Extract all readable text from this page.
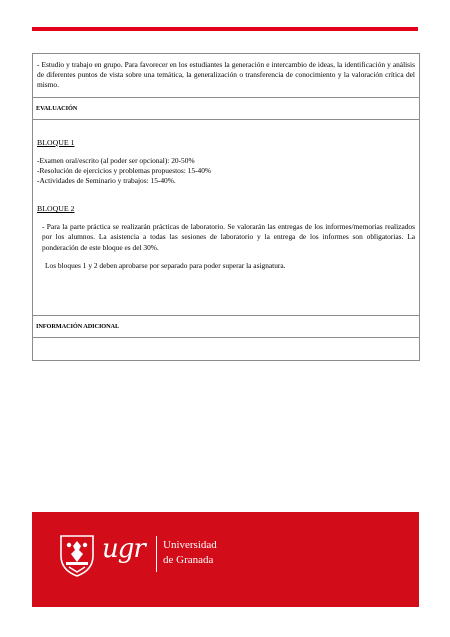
- Estudio y trabajo en grupo. Para favorecer en los estudiantes la generación e intercambio de ideas, la identificación y análisis de diferentes puntos de vista sobre una temática, la generalización o transferencia de conocimiento y la valoración crítica del mismo.

EVALUACIÓN

BLOQUE 1

-Examen oral/escrito (al poder ser opcional): 20-50%

-Resolución de ejercicios y problemas propuestos: 15-40%

-Actividades de Seminario y trabajos: 15-40%.

BLOQUE 2

- Para la parte práctica se realizarán prácticas de laboratorio. Se valorarán las entregas de los informes/memorias realizados por los alumnos. La asistencia a todas las sesiones de laboratorio y la entrega de los informes son obligatorias. La ponderación de este bloque es del 30%.

Los bloques 1 y 2 deben aprobarse por separado para poder superar la asignatura.

INFORMACIÓN ADICIONAL
ugr Universidad
de Granada
